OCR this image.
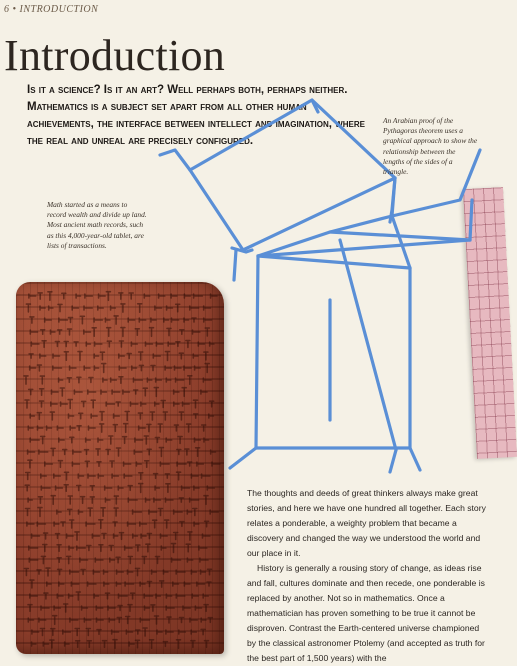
6 • INTRODUCTION
Introduction
Is it a science? Is it an art? Well perhaps both, perhaps neither. Mathematics is a subject set apart from all other human achievements, the interface between intellect and imagination, where the real and unreal are precisely configured.
An Arabian proof of the Pythagoras theorem uses a graphical approach to show the relationship between the lengths of the sides of a triangle.
Math started as a means to record wealth and divide up land. Most ancient math records, such as this 4,000-year-old tablet, are lists of transactions.

The thoughts and deeds of great thinkers always make great stories, and here we have one hundred all together. Each story relates a ponderable, a weighty problem that became a discovery and changed the way we understood the world and our place in it.

History is generally a rousing story of change, as ideas rise and fall, cultures dominate and then recede, one ponderable is replaced by another. Not so in mathematics. Once a mathematician has proven something to be true it cannot be disproven. Contrast the Earth-centered universe championed by the classical astronomer Ptolemy (and accepted as truth for the best part of 1,500 years) with the
